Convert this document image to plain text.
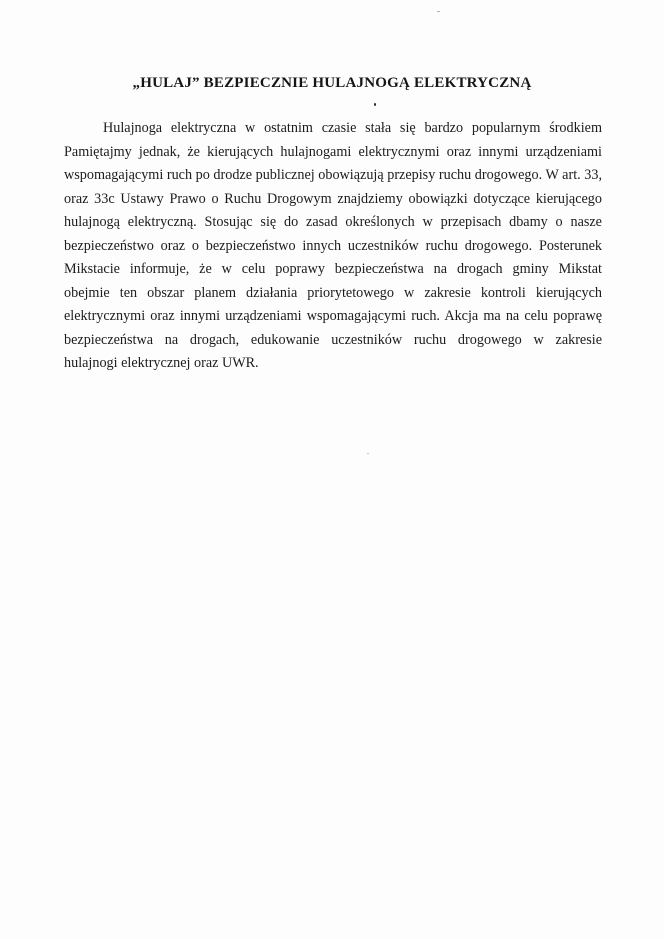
„HULAJ” BEZPIECZNIE HULAJNOGĄ ELEKTRYCZNĄ
Hulajnoga elektryczna w ostatnim czasie stała się bardzo popularnym środkiem
Pamiętajmy jednak, że kierujących hulajnogami elektrycznymi oraz innymi urządzeniami
wspomagającymi ruch po drodze publicznej obowiązują przepisy ruchu drogowego. W art. 33,
oraz 33c Ustawy Prawo o Ruchu Drogowym znajdziemy obowiązki dotyczące kierującego
hulajnogą elektryczną. Stosując się do zasad określonych w przepisach dbamy o nasze
bezpieczeństwo oraz o bezpieczeństwo innych uczestników ruchu drogowego. Posterunek
Mikstacie informuje, że w celu poprawy bezpieczeństwa na drogach gminy Mikstat
obejmie ten obszar planem działania priorytetowego w zakresie kontroli kierujących
elektrycznymi oraz innymi urządzeniami wspomagającymi ruch. Akcja ma na celu poprawę
bezpieczeństwa na drogach, edukowanie uczestników ruchu drogowego w zakresie
hulajnogi elektrycznej oraz UWR.
